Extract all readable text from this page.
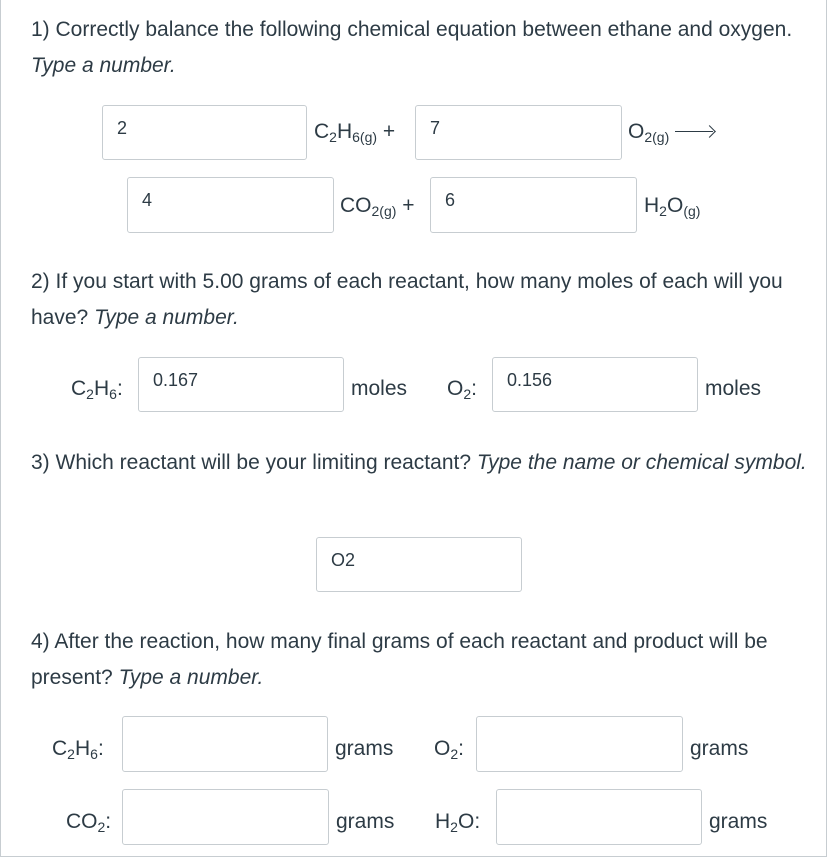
1) Correctly balance the following chemical equation between ethane and oxygen. Type a number.
2	$C_2H_{6(g)} + 7$	$O_{2(g)}$
4	$CO_{2(g)} + 6$	$H_2O_{(g)}$
2) If you start with 5.00 grams of each reactant, how many moles of each will you have? Type a number.
$C_2H_6$: 0.167	moles $O_2$: 0.156	moles
3) Which reactant will be your limiting reactant? Type the name or chemical symbol.
O2
4) After the reaction, how many final grams of each reactant and product will be present? Type a number.
$C_2H_6$:	grams $O_2$:	grams
$CO_2$:	grams $H_2O$:	grams
